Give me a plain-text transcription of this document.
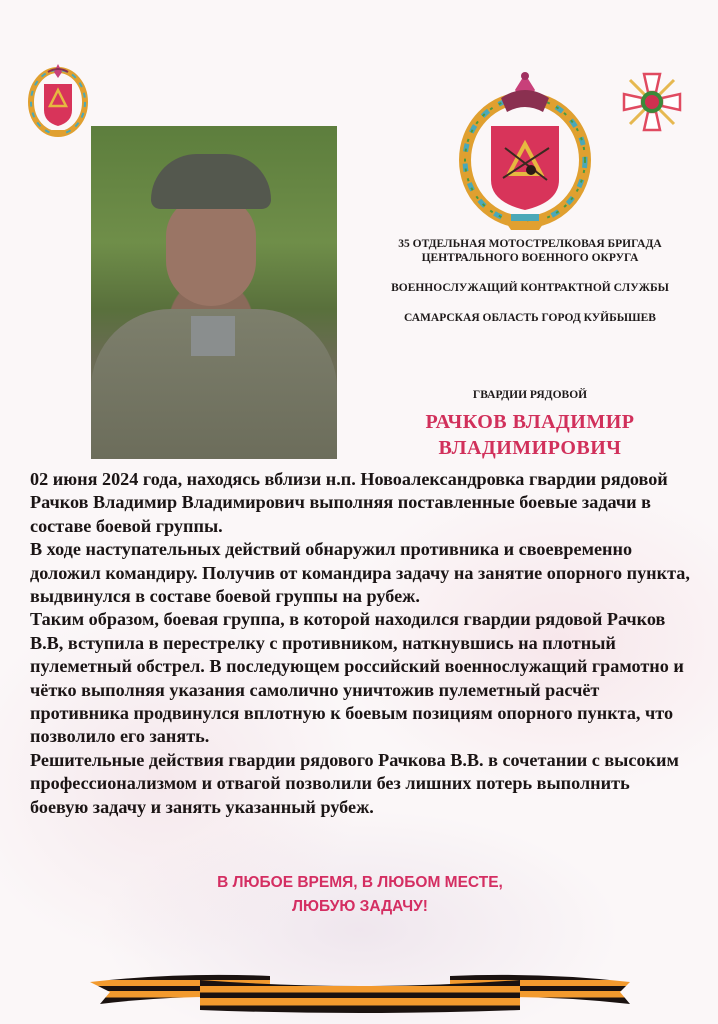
35 ОТДЕЛЬНАЯ МОТОСТРЕЛКОВАЯ БРИГАДА ЦЕНТРАЛЬНОГО ВОЕННОГО ОКРУГА
ВОЕННОСЛУЖАЩИЙ КОНТРАКТНОЙ СЛУЖБЫ
САМАРСКАЯ ОБЛАСТЬ ГОРОД КУЙБЫШЕВ
ГВАРДИИ РЯДОВОЙ
РАЧКОВ ВЛАДИМИР
ВЛАДИМИРОВИЧ

02 июня 2024 года, находясь вблизи н.п. Новоалександровка гвардии рядовой Рачков Владимир Владимирович выполняя поставленные боевые задачи в составе боевой группы.

В ходе наступательных действий обнаружил противника и своевременно доложил командиру. Получив от командира задачу на занятие опорного пункта, выдвинулся в составе боевой группы на рубеж.

Таким образом, боевая группа, в которой находился гвардии рядовой Рачков В.В, вступила в перестрелку с противником, наткнувшись на плотный пулеметный обстрел. В последующем российский военнослужащий грамотно и чётко выполняя указания самолично уничтожив пулеметный расчёт противника продвинулся вплотную к боевым позициям опорного пункта, что позволило его занять.

Решительные действия гвардии рядового Рачкова В.В. в сочетании с высоким профессионализмом и отвагой позволили без лишних потерь выполнить боевую задачу и занять указанный рубеж.

В ЛЮБОЕ ВРЕМЯ, В ЛЮБОМ МЕСТЕ,
ЛЮБУЮ ЗАДАЧУ!
